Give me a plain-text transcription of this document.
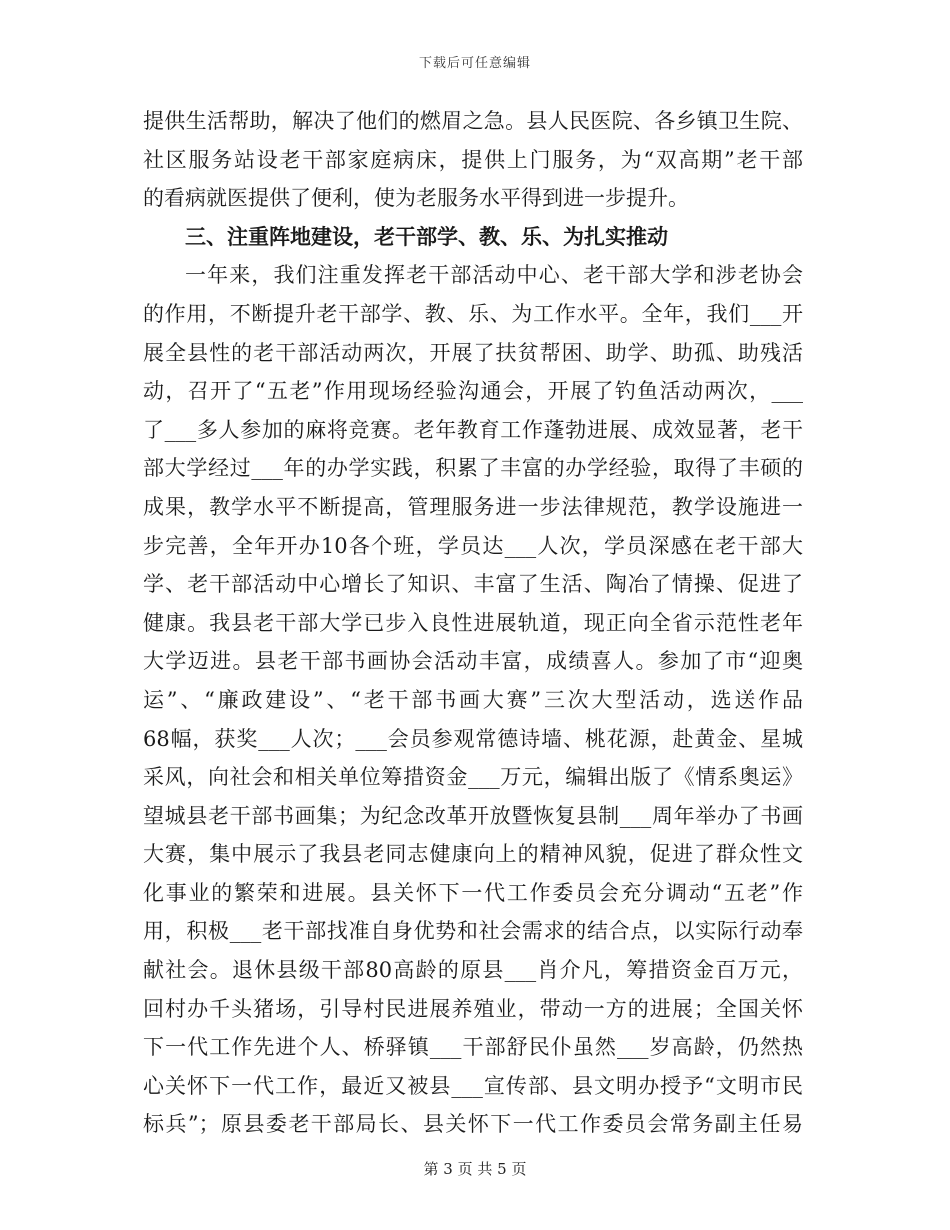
下载后可任意编辑
提供生活帮助，解决了他们的燃眉之急。县人民医院、各乡镇卫生院、
社区服务站设老干部家庭病床，提供上门服务，为“双高期”老干部
的看病就医提供了便利，使为老服务水平得到进一步提升。
三、注重阵地建设，老干部学、教、乐、为扎实推动
一年来，我们注重发挥老干部活动中心、老干部大学和涉老协会
的作用，不断提升老干部学、教、乐、为工作水平。全年，我们___开
展全县性的老干部活动两次，开展了扶贫帮困、助学、助孤、助残活
动，召开了“五老”作用现场经验沟通会，开展了钓鱼活动两次，___
了___多人参加的麻将竞赛。老年教育工作蓬勃进展、成效显著，老干
部大学经过___年的办学实践，积累了丰富的办学经验，取得了丰硕的
成果，教学水平不断提高，管理服务进一步法律规范，教学设施进一
步完善，全年开办10各个班，学员达___人次，学员深感在老干部大
学、老干部活动中心增长了知识、丰富了生活、陶冶了情操、促进了
健康。我县老干部大学已步入良性进展轨道，现正向全省示范性老年
大学迈进。县老干部书画协会活动丰富，成绩喜人。参加了市“迎奥
运”、“廉政建设”、“老干部书画大赛”三次大型活动，选送作品
68幅，获奖___人次；___会员参观常德诗墙、桃花源，赴黄金、星城
采风，向社会和相关单位筹措资金___万元，编辑出版了《情系奥运》
望城县老干部书画集；为纪念改革开放暨恢复县制___周年举办了书画
大赛，集中展示了我县老同志健康向上的精神风貌，促进了群众性文
化事业的繁荣和进展。县关怀下一代工作委员会充分调动“五老”作
用，积极___老干部找准自身优势和社会需求的结合点，以实际行动奉
献社会。退休县级干部80高龄的原县___肖介凡，筹措资金百万元，
回村办千头猪场，引导村民进展养殖业，带动一方的进展；全国关怀
下一代工作先进个人、桥驿镇___干部舒民仆虽然___岁高龄，仍然热
心关怀下一代工作，最近又被县___宣传部、县文明办授予“文明市民
标兵”；原县委老干部局长、县关怀下一代工作委员会常务副主任易
第 3 页 共 5 页
